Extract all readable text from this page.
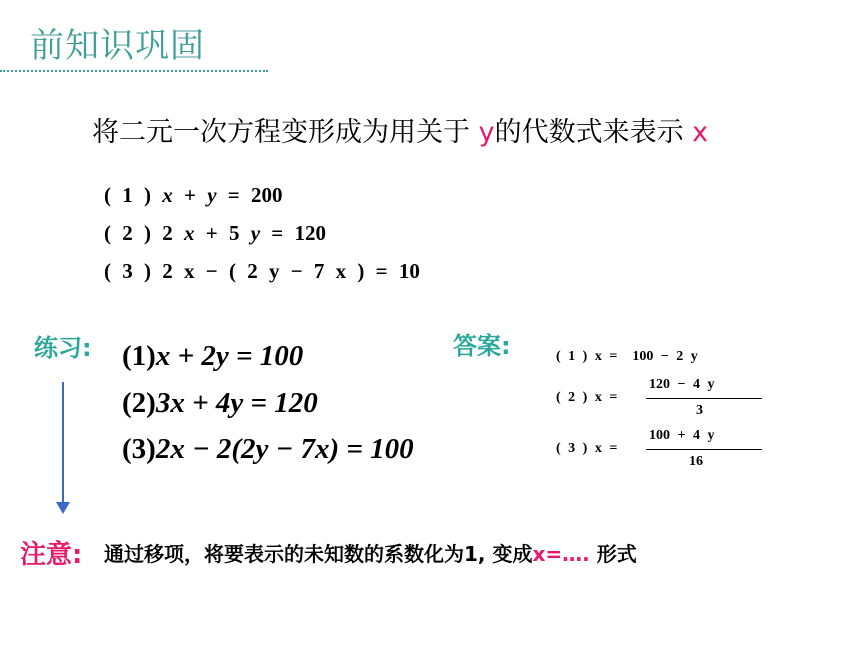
前知识巩固
将二元一次方程变形成为用关于 y的代数式来表示 x
( 1 ) x + y = 200
( 2 ) 2 x + 5 y = 120
( 3 ) 2 x − ( 2 y − 7 x ) = 10
练习: (1)x + 2y = 100
(2)3x + 4y = 120
(3)2x − 2(2y − 7x) = 100
答案:	( 1 ) x = 100 − 2 y
( 2 ) x =
120 − 4 y
3
( 3 ) x =
100 + 4 y
16
注意: 通过移项，将要表示的未知数的系数化为1, 变成x=…. 形式
